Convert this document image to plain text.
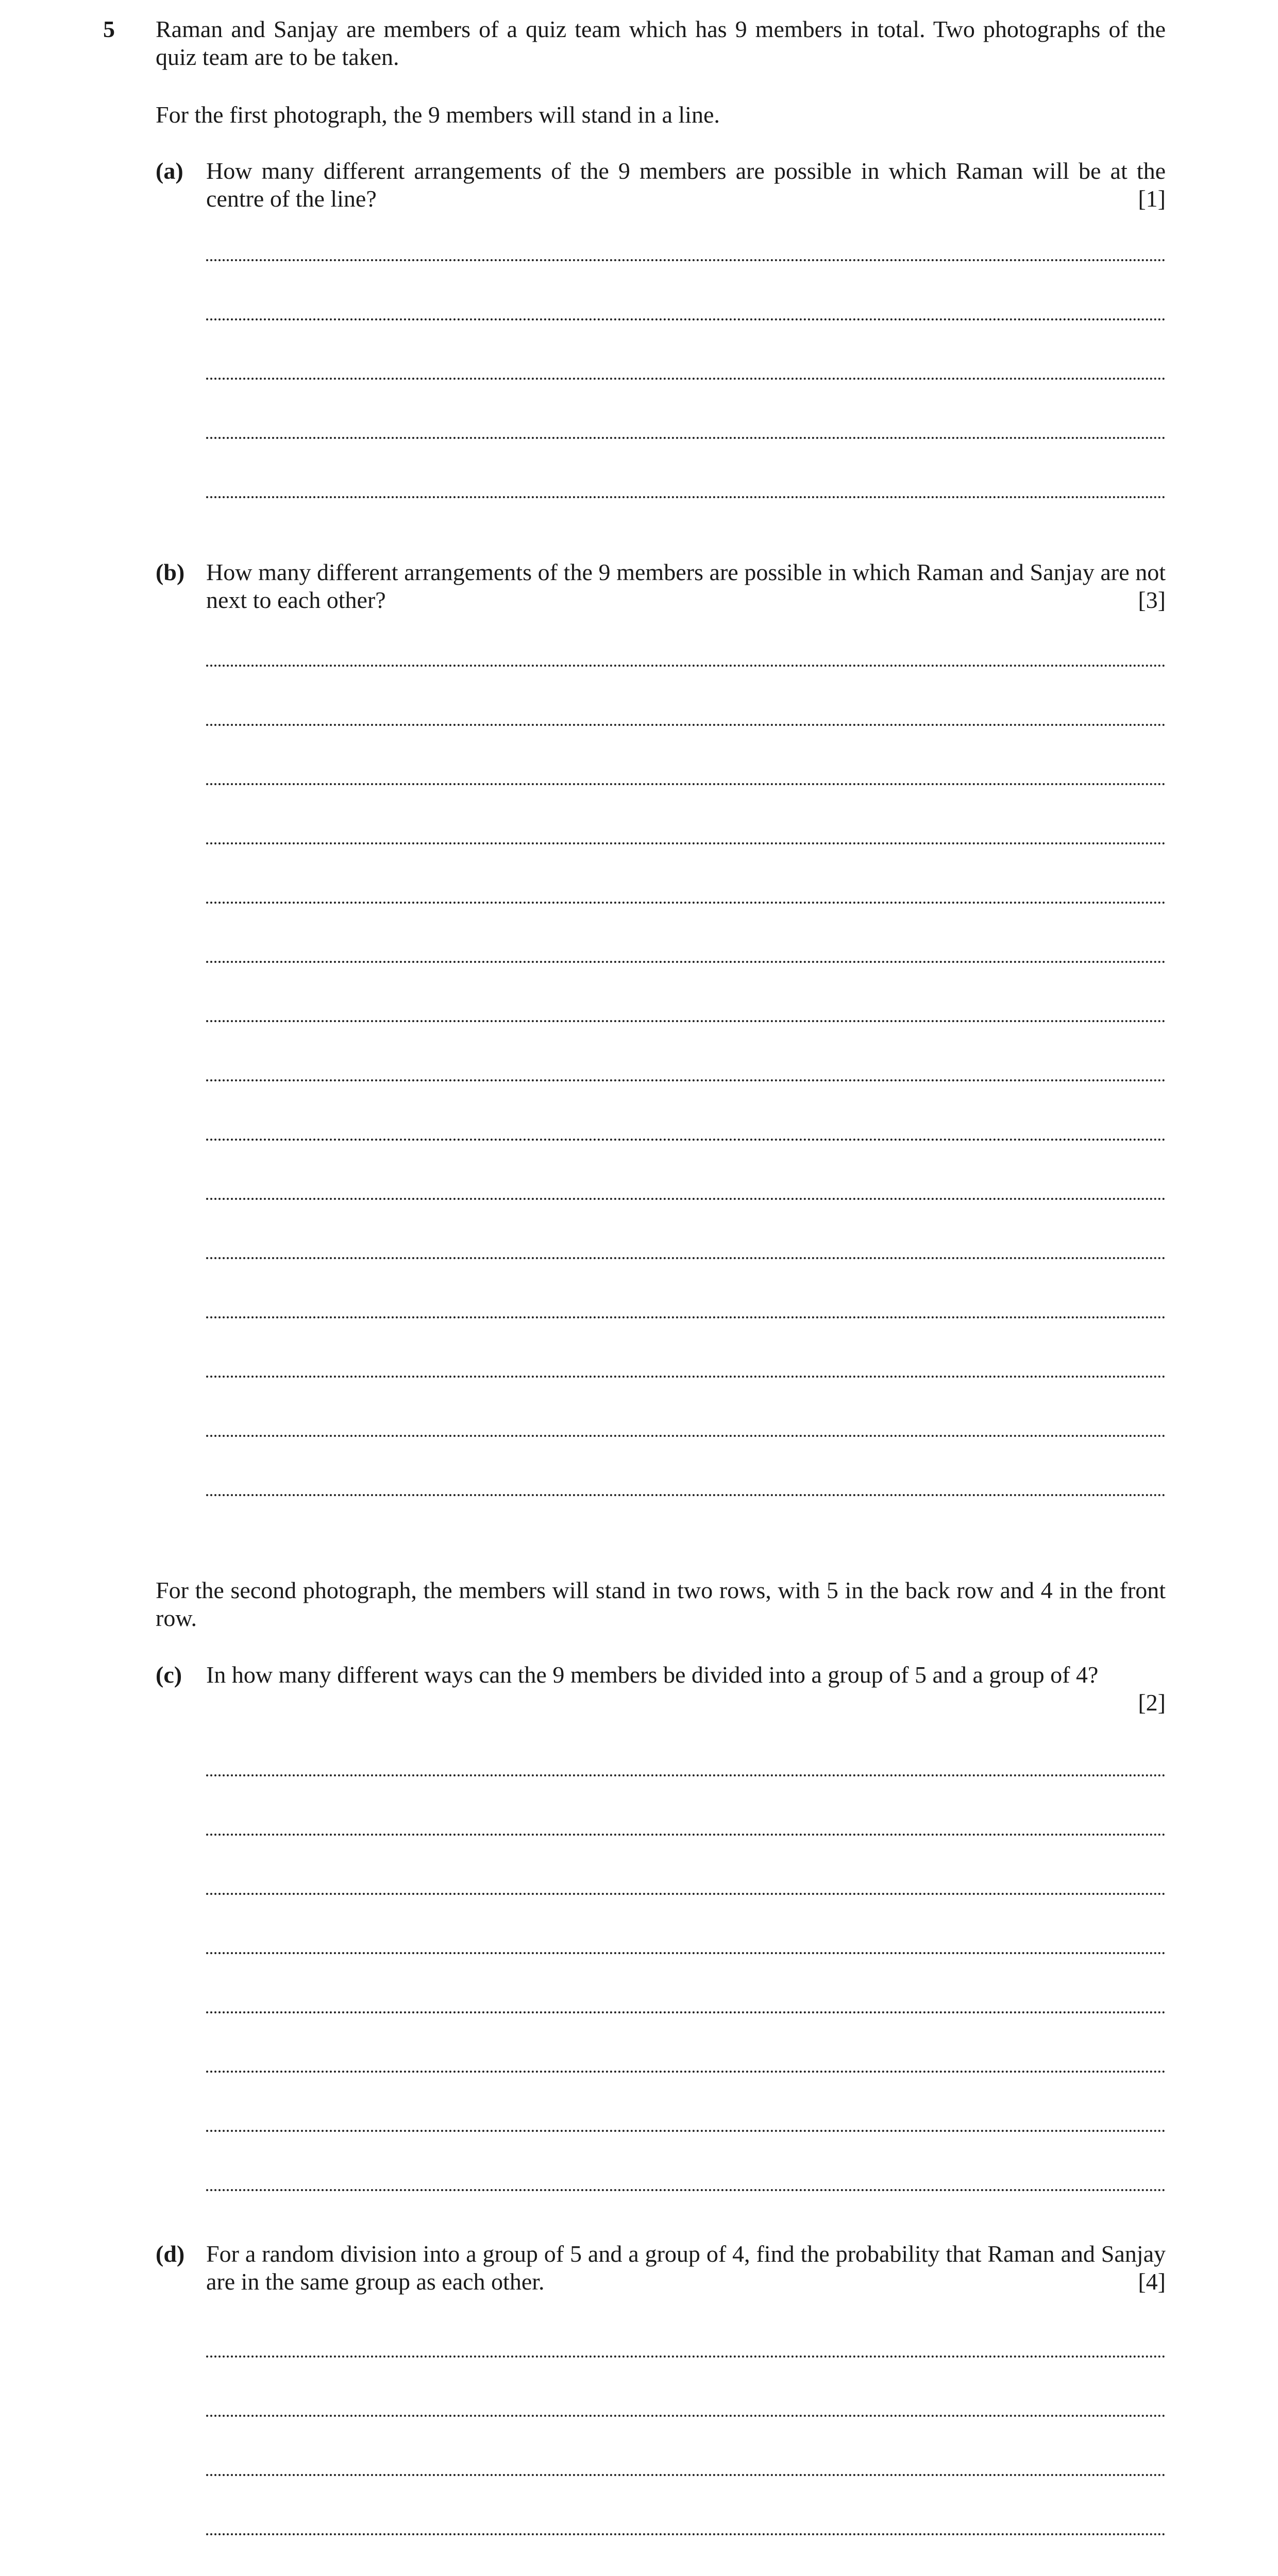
5 Raman and Sanjay are members of a quiz team which has 9 members in total. Two photographs of the quiz team are to be taken.
For the first photograph, the 9 members will stand in a line.
(a) How many different arrangements of the 9 members are possible in which Raman will be at the centre of the line?	[1]
(b) How many different arrangements of the 9 members are possible in which Raman and Sanjay are not next to each other?	[3]
For the second photograph, the members will stand in two rows, with 5 in the back row and 4 in the front row.
(c) In how many different ways can the 9 members be divided into a group of 5 and a group of 4?
[2]
(d) For a random division into a group of 5 and a group of 4, find the probability that Raman and Sanjay are in the same group as each other.	[4]
